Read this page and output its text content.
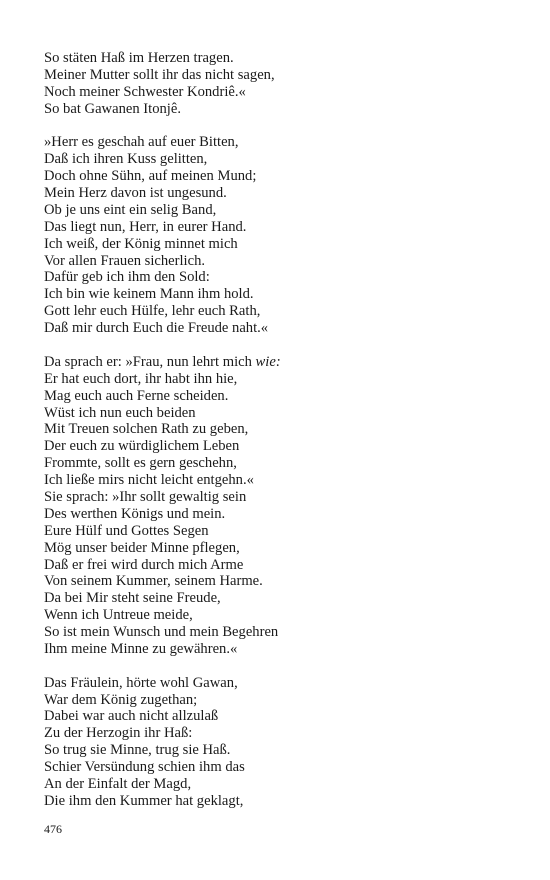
So stäten Haß im Herzen tragen.
Meiner Mutter sollt ihr das nicht sagen,
Noch meiner Schwester Kondriê.«
So bat Gawanen Itonjê.
»Herr es geschah auf euer Bitten,
Daß ich ihren Kuss gelitten,
Doch ohne Sühn, auf meinen Mund;
Mein Herz davon ist ungesund.
Ob je uns eint ein selig Band,
Das liegt nun, Herr, in eurer Hand.
Ich weiß, der König minnet mich
Vor allen Frauen sicherlich.
Dafür geb ich ihm den Sold:
Ich bin wie keinem Mann ihm hold.
Gott lehr euch Hülfe, lehr euch Rath,
Daß mir durch Euch die Freude naht.«
Da sprach er: »Frau, nun lehrt mich wie:
Er hat euch dort, ihr habt ihn hie,
Mag euch auch Ferne scheiden.
Wüst ich nun euch beiden
Mit Treuen solchen Rath zu geben,
Der euch zu würdiglichem Leben
Frommte, sollt es gern geschehn,
Ich ließe mirs nicht leicht entgehn.«
Sie sprach: »Ihr sollt gewaltig sein
Des werthen Königs und mein.
Eure Hülf und Gottes Segen
Mög unser beider Minne pflegen,
Daß er frei wird durch mich Arme
Von seinem Kummer, seinem Harme.
Da bei Mir steht seine Freude,
Wenn ich Untreue meide,
So ist mein Wunsch und mein Begehren
Ihm meine Minne zu gewähren.«
Das Fräulein, hörte wohl Gawan,
War dem König zugethan;
Dabei war auch nicht allzulaß
Zu der Herzogin ihr Haß:
So trug sie Minne, trug sie Haß.
Schier Versündung schien ihm das
An der Einfalt der Magd,
Die ihm den Kummer hat geklagt,
476
